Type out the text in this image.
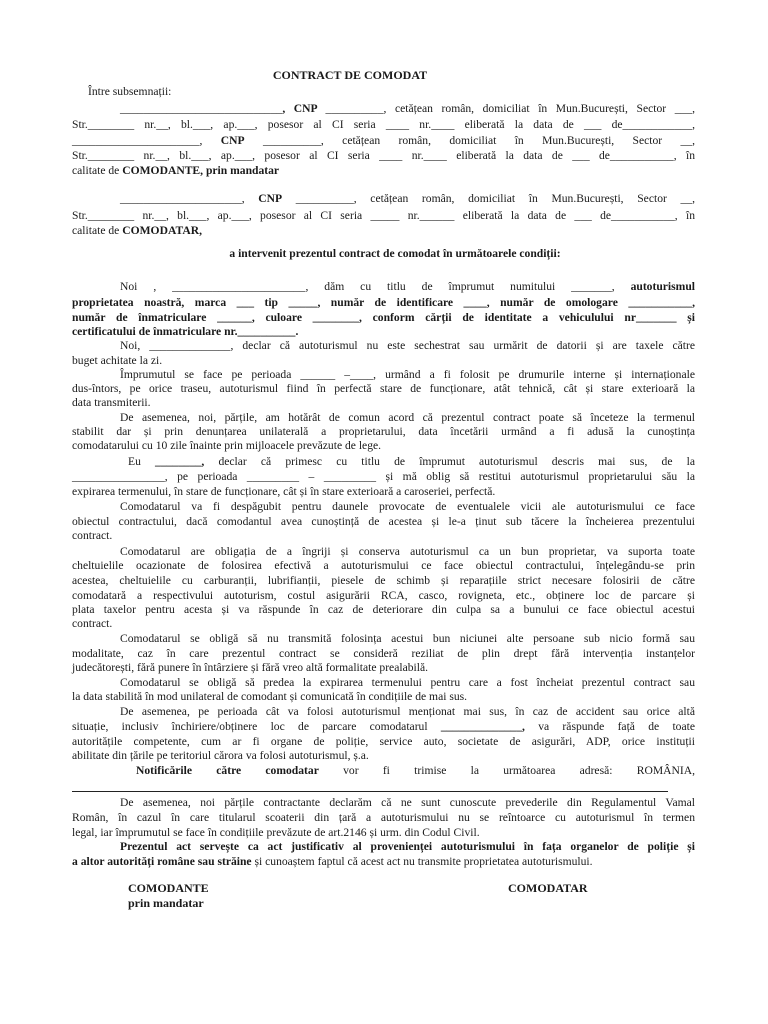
CONTRACT DE COMODAT
Între subsemnații:
____________________________, CNP __________, cetățean român, domiciliat în Mun.București, Sector ___,
Str.________ nr.__, bl.___, ap.___, posesor al CI seria ____ nr.____ eliberată la data de ___ de____________,
______________________, CNP __________, cetățean român, domiciliat în Mun.București, Sector __,
Str.________ nr.__, bl.___, ap.___, posesor al CI seria ____ nr.____ eliberată la data de ___ de___________, în
calitate de COMODANTE, prin mandatar
_____________________, CNP __________, cetățean român, domiciliat în Mun.București, Sector __,
Str.________ nr.__, bl.___, ap.___, posesor al CI seria _____ nr.______ eliberată la data de ___ de___________, în
calitate de COMODATAR,
Noi , _______________________, dăm cu titlu de împrumut numitului _______, autoturismul
proprietatea noastră, marca ___ tip _____, număr de identificare ____, număr de omologare ___________,
număr de înmatriculare ______, culoare ________, conform cărții de identitate a vehiculului nr_______ și
certificatului de înmatriculare nr.__________.
Noi, ______________, declar că autoturismul nu este sechestrat sau urmărit de datorii și are taxele către
buget achitate la zi.
Împrumutul se face pe perioada ______ –____, urmând a fi folosit pe drumurile interne și internaționale
dus-întors, pe orice traseu, autoturismul fiind în perfectă stare de funcționare, atât tehnică, cât și stare exterioară la
data transmiterii.
De asemenea, noi, părțile, am hotărât de comun acord că prezentul contract poate să înceteze la termenul
stabilit dar și prin denunțarea unilaterală a proprietarului, data încetării urmând a fi adusă la cunoștința
comodatarului cu 10 zile înainte prin mijloacele prevăzute de lege.
Eu ________, declar că primesc cu titlu de împrumut autoturismul descris mai sus, de la
________________, pe perioada _________ – _________ și mă oblig să restitui autoturismul proprietarului său la
expirarea termenului, în stare de funcționare, cât și în stare exterioară a caroseriei, perfectă.
Comodatarul va fi despăgubit pentru daunele provocate de eventualele vicii ale autoturismului ce face
obiectul contractului, dacă comodantul avea cunoștință de acestea și le-a ținut sub tăcere la încheierea prezentului
contract.
Comodatarul are obligația de a îngriji și conserva autoturismul ca un bun proprietar, va suporta toate
cheltuielile ocazionate de folosirea efectivă a autoturismului ce face obiectul contractului, înțelegându-se prin
acestea, cheltuielile cu carburanții, lubrifianții, piesele de schimb și reparațiile strict necesare folosirii de către
comodatară a respectivului autoturism, costul asigurării RCA, casco, rovigneta, etc., obținere loc de parcare și
plata taxelor pentru acesta și va răspunde în caz de deteriorare din culpa sa a bunului ce face obiectul acestui
contract.
Comodatarul se obligă să nu transmită folosința acestui bun niciunei alte persoane sub nicio formă sau
modalitate, caz în care prezentul contract se consideră reziliat de plin drept fără intervenția instanțelor
judecătorești, fără punere în întârziere și fără vreo altă formalitate prealabilă.
Comodatarul se obligă să predea la expirarea termenului pentru care a fost încheiat prezentul contract sau
la data stabilită în mod unilateral de comodant și comunicată în condițiile de mai sus.
De asemenea, pe perioada cât va folosi autoturismul menționat mai sus, în caz de accident sau orice altă
situație, inclusiv închiriere/obținere loc de parcare comodatarul ______________, va răspunde față de toate
autoritățile competente, cum ar fi organe de poliție, service auto, societate de asigurări, ADP, orice instituții
abilitate din țările pe teritoriul cărora va folosi autoturismul, ș.a.
Notificările către comodatar vor fi trimise la următoarea adresă: ROMÂNIA,
De asemenea, noi părțile contractante declarăm că ne sunt cunoscute prevederile din Regulamentul Vamal
Român, în cazul în care titularul scoaterii din țară a autoturismului nu se reîntoarce cu autoturismul în termen
legal, iar împrumutul se face în condițiile prevăzute de art.2146 și urm. din Codul Civil.
Prezentul act servește ca act justificativ al provenienței autoturismului în fața organelor de poliție și
a altor autorități române sau străine și cunoaștem faptul că acest act nu transmite proprietatea autoturismului.
a intervenit prezentul contract de comodat în următoarele condiții:
COMODANTE
prin mandatar
COMODATAR
